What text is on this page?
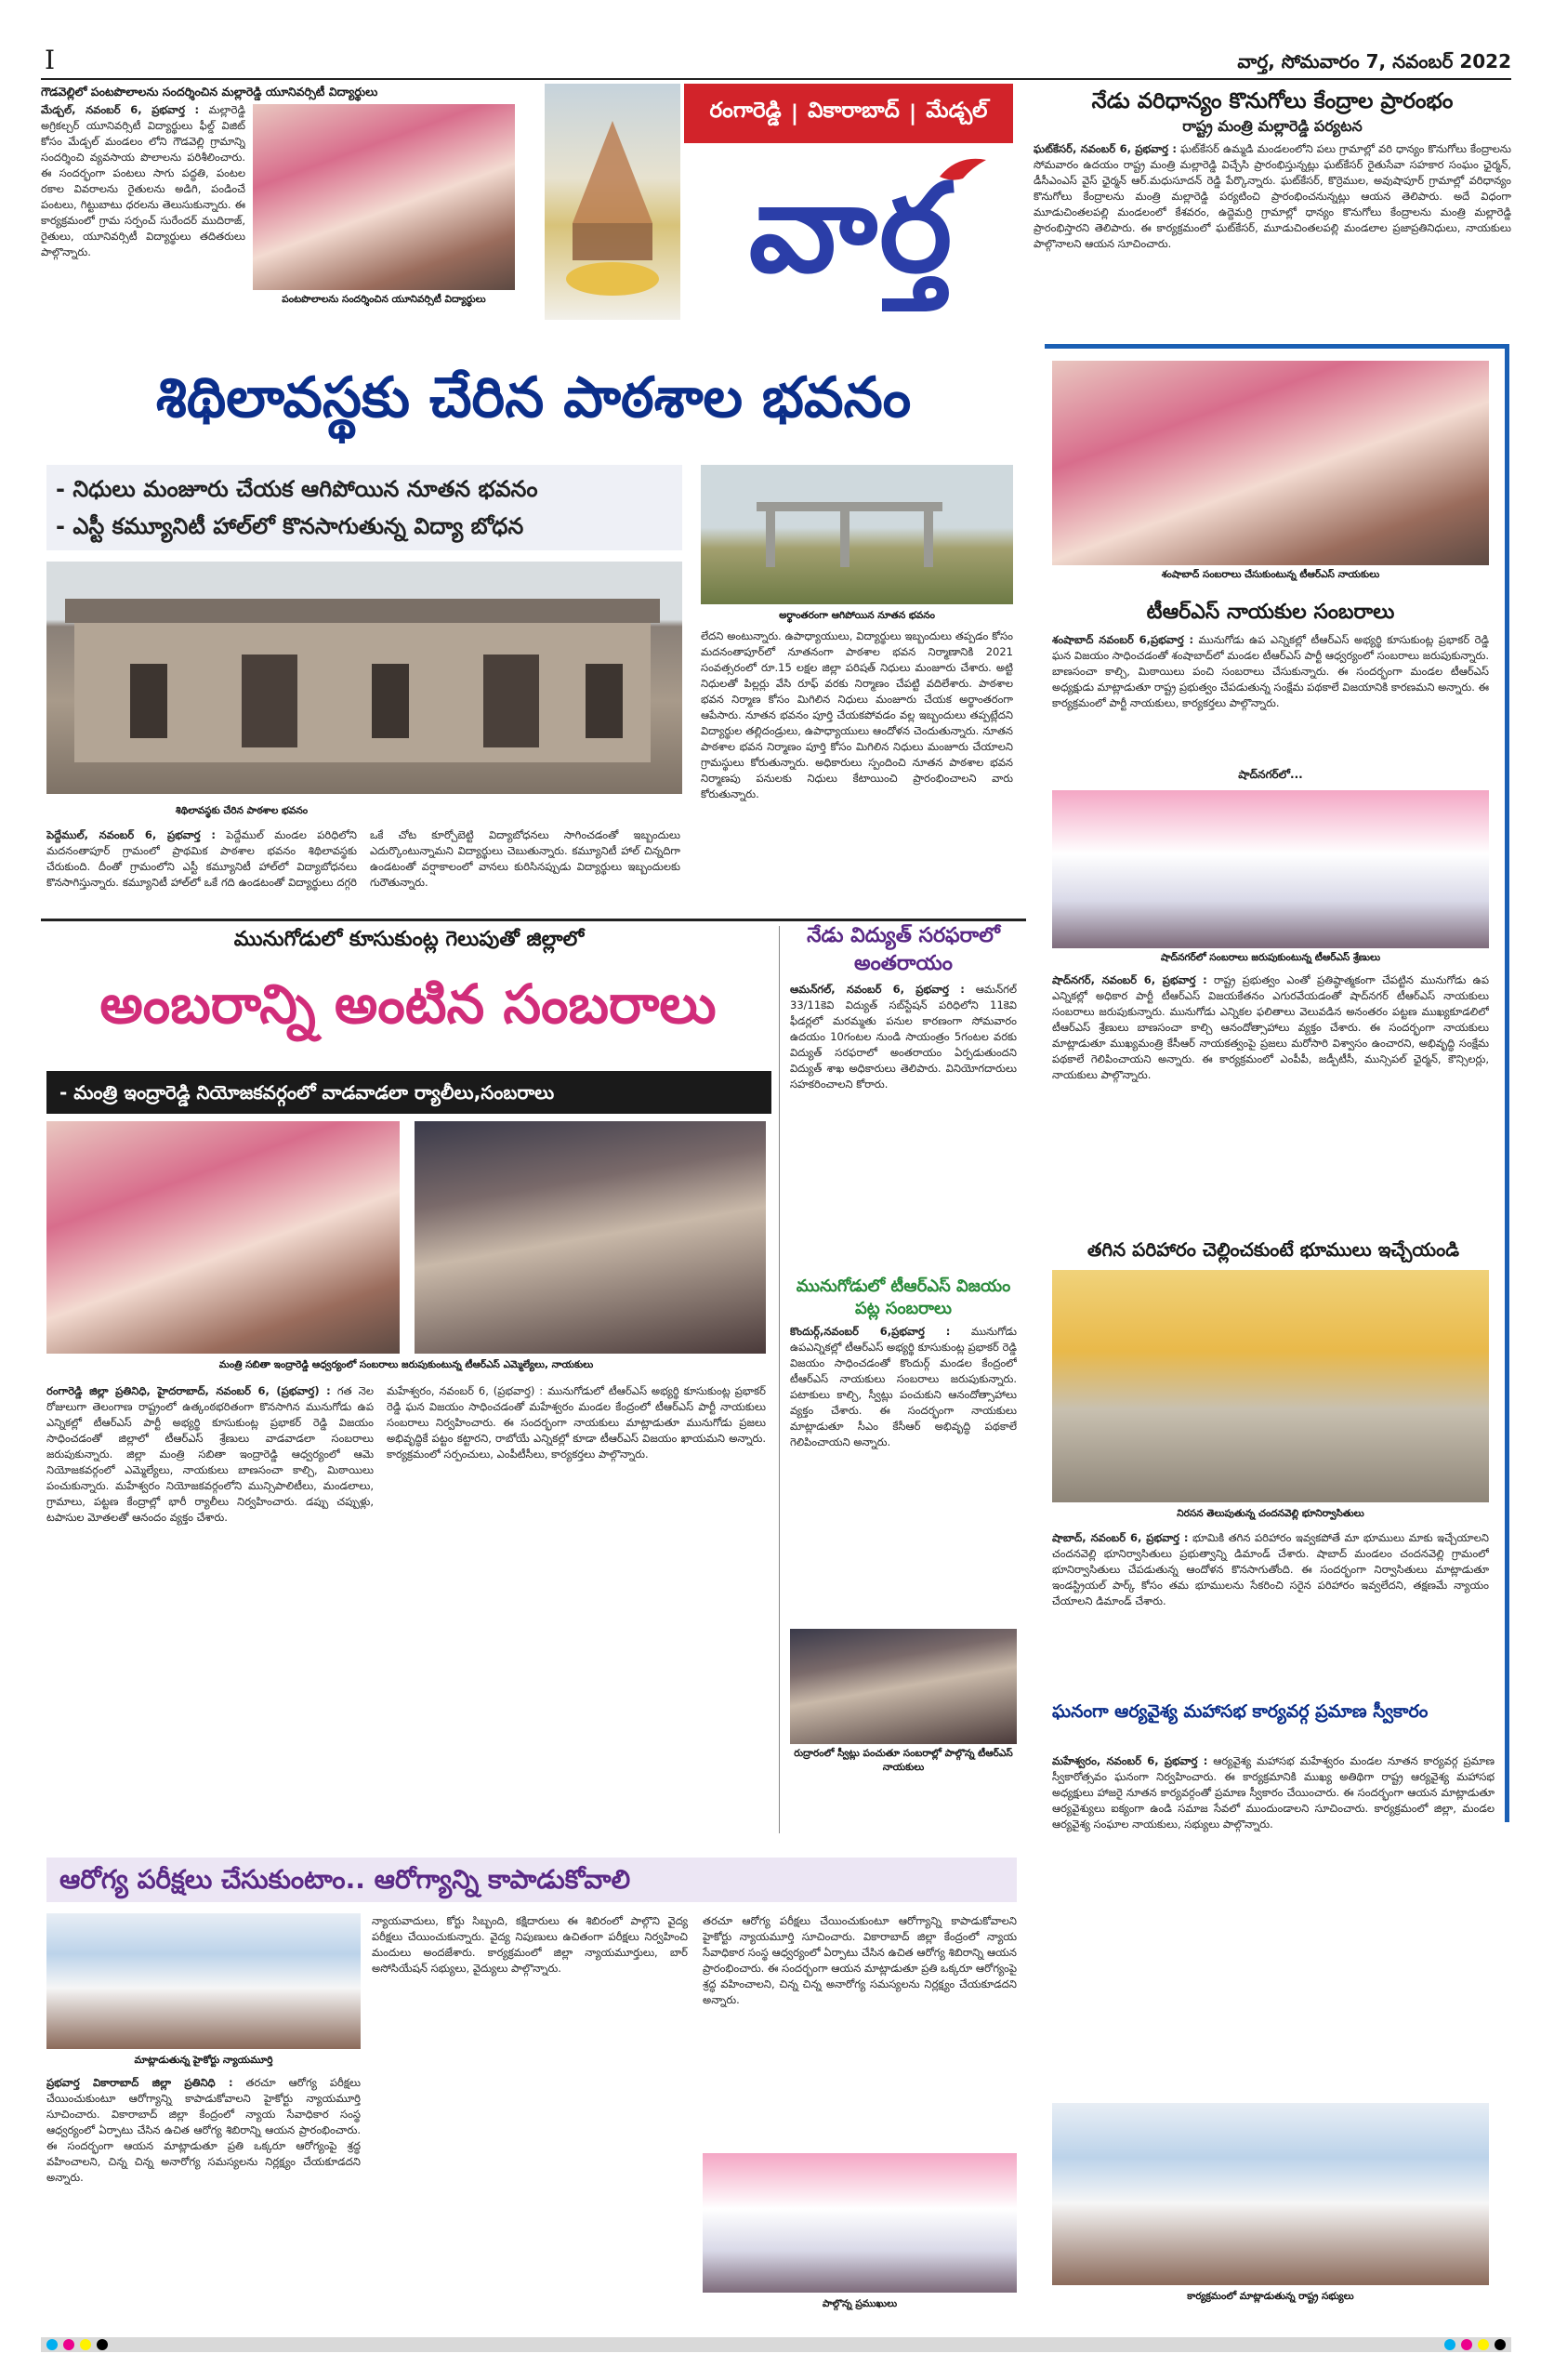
I	వార్త, సోమవారం 7, నవంబర్ 2022
గౌడవెల్లిలో పంటపొలాలను సందర్శించిన మల్లారెడ్డి యూనివర్సిటీ విద్యార్థులు
మేడ్చల్, నవంబర్ 6, ప్రభవార్త : మల్లారెడ్డి అగ్రికల్చర్ యూనివర్సిటీ విద్యార్థులు ఫీల్డ్ విజిట్ కోసం మేడ్చల్ మండలం లోని గౌడవెల్లి గ్రామాన్ని సందర్శించి వ్యవసాయ పొలాలను పరిశీలించారు. ఈ సందర్భంగా పంటలు సాగు పద్ధతి, పంటల రకాల వివరాలను రైతులను అడిగి, పండించే పంటలు, గిట్టుబాటు ధరలను తెలుసుకున్నారు. ఈ కార్యక్రమంలో గ్రామ సర్పంచ్ సురేందర్ ముదిరాజ్, రైతులు, యూనివర్సిటీ విద్యార్థులు తదితరులు పాల్గొన్నారు.
పంటపొలాలను సందర్శించిన యూనివర్సిటీ విద్యార్థులు
రంగారెడ్డి | వికారాబాద్ | మేడ్చల్
వార్త
నేడు వరిధాన్యం కొనుగోలు కేంద్రాల ప్రారంభం
రాష్ట్ర మంత్రి మల్లారెడ్డి పర్యటన
ఘట్‌కేసర్, నవంబర్ 6, ప్రభవార్త : ఘట్‌కేసర్ ఉమ్మడి మండలంలోని పలు గ్రామాల్లో వరి ధాన్యం కొనుగోలు కేంద్రాలను సోమవారం ఉదయం రాష్ట్ర మంత్రి మల్లారెడ్డి విచ్చేసి ప్రారంభిస్తున్నట్లు ఘట్‌కేసర్ రైతుసేవా సహకార సంఘం ఛైర్మన్, డీసీఎంఎస్ వైస్ ఛైర్మన్ ఆర్.మధుసూదన్ రెడ్డి పేర్కొన్నారు. ఘట్‌కేసర్, కొర్రెముల, అవుషాపూర్ గ్రామాల్లో వరిధాన్యం కొనుగోలు కేంద్రాలను మంత్రి మల్లారెడ్డి పర్యటించి ప్రారంభించనున్నట్లు ఆయన తెలిపారు. అదే విధంగా మూడుచింతలపల్లి మండలంలో కేశవరం, ఉద్దెమర్రి గ్రామాల్లో ధాన్యం కొనుగోలు కేంద్రాలను మంత్రి మల్లారెడ్డి ప్రారంభిస్తారని తెలిపారు. ఈ కార్యక్రమంలో ఘట్‌కేసర్, మూడుచింతలపల్లి మండలాల ప్రజాప్రతినిధులు, నాయకులు పాల్గొనాలని ఆయన సూచించారు.
శిథిలావస్థకు చేరిన పాఠశాల భవనం
- నిధులు మంజూరు చేయక ఆగిపోయిన నూతన భవనం
- ఎస్టీ కమ్యూనిటీ హాల్‌లో కొనసాగుతున్న విద్యా బోధన
అర్థాంతరంగా ఆగిపోయిన నూతన భవనం
శిథిలావస్థకు చేరిన పాఠశాల భవనం
పెద్దేముల్, నవంబర్ 6, ప్రభవార్త : పెద్దేముల్ మండల పరిధిలోని మదనంతాపూర్ గ్రామంలో ప్రాథమిక పాఠశాల భవనం శిథిలావస్థకు చేరుకుంది. దీంతో గ్రామంలోని ఎస్టీ కమ్యూనిటీ హాల్‌లో విద్యాబోధనలు కొనసాగిస్తున్నారు. కమ్యూనిటీ హాల్‌లో ఒకే గది ఉండటంతో విద్యార్థులు దగ్గరి ఒకే చోట కూర్చోబెట్టి విద్యాబోధనలు సాగించడంతో ఇబ్బందులు ఎదుర్కొంటున్నామని విద్యార్థులు చెబుతున్నారు. కమ్యూనిటీ హాల్ చిన్నదిగా ఉండటంతో వర్షాకాలంలో వానలు కురిసినప్పుడు విద్యార్థులు ఇబ్బందులకు గురౌతున్నారు.
లేదని అంటున్నారు. ఉపాధ్యాయులు, విద్యార్థులు ఇబ్బందులు తప్పడం కోసం మదనంతాపూర్‌లో నూతనంగా పాఠశాల భవన నిర్మాణానికి 2021 సంవత్సరంలో రూ.15 లక్షల జిల్లా పరిషత్ నిధులు మంజూరు చేశారు. అట్టి నిధులతో పిల్లర్లు వేసి రూఫ్ వరకు నిర్మాణం చేపట్టి వదిలేశారు. పాఠశాల భవన నిర్మాణ కోసం మిగిలిన నిధులు మంజూరు చేయక అర్థాంతరంగా ఆపేసారు. నూతన భవనం పూర్తి చేయకపోవడం వల్ల ఇబ్బందులు తప్పట్లేదని విద్యార్థుల తల్లిదండ్రులు, ఉపాధ్యాయులు ఆందోళన చెందుతున్నారు. నూతన పాఠశాల భవన నిర్మాణం పూర్తి కోసం మిగిలిన నిధులు మంజూరు చేయాలని గ్రామస్థులు కోరుతున్నారు. అధికారులు స్పందించి నూతన పాఠశాల భవన నిర్మాణపు పనులకు నిధులు కేటాయించి ప్రారంభించాలని వారు కోరుతున్నారు.
మునుగోడులో కూసుకుంట్ల గెలుపుతో జిల్లాలో
అంబరాన్ని అంటిన సంబరాలు
- మంత్రి ఇంద్రారెడ్డి నియోజకవర్గంలో వాడవాడలా ర్యాలీలు,సంబరాలు
మంత్రి సబితా ఇంద్రారెడ్డి ఆధ్వర్యంలో సంబరాలు జరుపుకుంటున్న టీఆర్ఎస్ ఎమ్మెల్యేలు, నాయకులు
రంగారెడ్డి జిల్లా ప్రతినిధి, హైదరాబాద్, నవంబర్ 6, (ప్రభవార్త) : గత నెల రోజులుగా తెలంగాణ రాష్ట్రంలో ఉత్కంఠభరితంగా కొనసాగిన మునుగోడు ఉప ఎన్నికల్లో టీఆర్ఎస్ పార్టీ అభ్యర్థి కూసుకుంట్ల ప్రభాకర్ రెడ్డి విజయం సాధించడంతో జిల్లాలో టీఆర్ఎస్ శ్రేణులు వాడవాడలా సంబరాలు జరుపుకున్నారు. జిల్లా మంత్రి సబితా ఇంద్రారెడ్డి ఆధ్వర్యంలో ఆమె నియోజకవర్గంలో ఎమ్మెల్యేలు, నాయకులు బాణసంచా కాల్చి, మిఠాయిలు పంచుకున్నారు. మహేశ్వరం నియోజకవర్గంలోని మున్సిపాలిటీలు, మండలాలు, గ్రామాలు, పట్టణ కేంద్రాల్లో భారీ ర్యాలీలు నిర్వహించారు. డప్పు చప్పుళ్లు, టపాసుల మోతలతో ఆనందం వ్యక్తం చేశారు.
మహేశ్వరం, నవంబర్ 6, (ప్రభవార్త) : మునుగోడులో టీఆర్ఎస్ అభ్యర్థి కూసుకుంట్ల ప్రభాకర్ రెడ్డి ఘన విజయం సాధించడంతో మహేశ్వరం మండల కేంద్రంలో టీఆర్ఎస్ పార్టీ నాయకులు సంబరాలు నిర్వహించారు. ఈ సందర్భంగా నాయకులు మాట్లాడుతూ మునుగోడు ప్రజలు అభివృద్ధికే పట్టం కట్టారని, రాబోయే ఎన్నికల్లో కూడా టీఆర్ఎస్ విజయం ఖాయమని అన్నారు. కార్యక్రమంలో సర్పంచులు, ఎంపీటీసీలు, కార్యకర్తలు పాల్గొన్నారు.
నేడు విద్యుత్ సరఫరాలో
అంతరాయం
ఆమన్‌గల్, నవంబర్ 6, ప్రభవార్త : ఆమన్‌గల్ 33/11కెవి విద్యుత్ సబ్‌స్టేషన్ పరిధిలోని 11కెవి ఫీడర్లలో మరమ్మతు పనుల కారణంగా సోమవారం ఉదయం 10గంటల నుండి సాయంత్రం 5గంటల వరకు విద్యుత్ సరఫరాలో అంతరాయం ఏర్పడుతుందని విద్యుత్ శాఖ అధికారులు తెలిపారు. వినియోగదారులు సహకరించాలని కోరారు.
మునుగోడులో టీఆర్ఎస్ విజయం పట్ల సంబరాలు
కొందుర్గ్,నవంబర్ 6,ప్రభవార్త : మునుగోడు ఉపఎన్నికల్లో టీఆర్ఎస్ అభ్యర్థి కూసుకుంట్ల ప్రభాకర్ రెడ్డి విజయం సాధించడంతో కొందుర్గ్ మండల కేంద్రంలో టీఆర్ఎస్ నాయకులు సంబరాలు జరుపుకున్నారు. పటాకులు కాల్చి, స్వీట్లు పంచుకుని ఆనందోత్సాహాలు వ్యక్తం చేశారు. ఈ సందర్భంగా నాయకులు మాట్లాడుతూ సీఎం కేసీఆర్ అభివృద్ధి పథకాలే గెలిపించాయని అన్నారు.
రుద్రారంలో స్వీట్లు పంచుతూ సంబరాల్లో పాల్గొన్న టీఆర్ఎస్ నాయకులు
ఆరోగ్య పరీక్షలు చేసుకుంటాం.. ఆరోగ్యాన్ని కాపాడుకోవాలి
మాట్లాడుతున్న హైకోర్టు న్యాయమూర్తి
ప్రభవార్త వికారాబాద్ జిల్లా ప్రతినిధి : తరచూ ఆరోగ్య పరీక్షలు చేయించుకుంటూ ఆరోగ్యాన్ని కాపాడుకోవాలని హైకోర్టు న్యాయమూర్తి సూచించారు. వికారాబాద్ జిల్లా కేంద్రంలో న్యాయ సేవాధికార సంస్థ ఆధ్వర్యంలో ఏర్పాటు చేసిన ఉచిత ఆరోగ్య శిబిరాన్ని ఆయన ప్రారంభించారు. ఈ సందర్భంగా ఆయన మాట్లాడుతూ ప్రతి ఒక్కరూ ఆరోగ్యంపై శ్రద్ధ వహించాలని, చిన్న చిన్న అనారోగ్య సమస్యలను నిర్లక్ష్యం చేయకూడదని అన్నారు.
న్యాయవాదులు, కోర్టు సిబ్బంది, కక్షిదారులు ఈ శిబిరంలో పాల్గొని వైద్య పరీక్షలు చేయించుకున్నారు. వైద్య నిపుణులు ఉచితంగా పరీక్షలు నిర్వహించి మందులు అందజేశారు. కార్యక్రమంలో జిల్లా న్యాయమూర్తులు, బార్ అసోసియేషన్ సభ్యులు, వైద్యులు పాల్గొన్నారు.
తరచూ ఆరోగ్య పరీక్షలు చేయించుకుంటూ ఆరోగ్యాన్ని కాపాడుకోవాలని హైకోర్టు న్యాయమూర్తి సూచించారు. వికారాబాద్ జిల్లా కేంద్రంలో న్యాయ సేవాధికార సంస్థ ఆధ్వర్యంలో ఏర్పాటు చేసిన ఉచిత ఆరోగ్య శిబిరాన్ని ఆయన ప్రారంభించారు. ఈ సందర్భంగా ఆయన మాట్లాడుతూ ప్రతి ఒక్కరూ ఆరోగ్యంపై శ్రద్ధ వహించాలని, చిన్న చిన్న అనారోగ్య సమస్యలను నిర్లక్ష్యం చేయకూడదని అన్నారు.
పాల్గొన్న ప్రముఖులు
శంషాబాద్ సంబరాలు చేసుకుంటున్న టీఆర్ఎస్ నాయకులు
టీఆర్ఎస్ నాయకుల సంబరాలు
శంషాబాద్ నవంబర్ 6,ప్రభవార్త : మునుగోడు ఉప ఎన్నికల్లో టీఆర్ఎస్ అభ్యర్థి కూసుకుంట్ల ప్రభాకర్ రెడ్డి ఘన విజయం సాధించడంతో శంషాబాద్‌లో మండల టీఆర్ఎస్ పార్టీ ఆధ్వర్యంలో సంబరాలు జరుపుకున్నారు. బాణసంచా కాల్చి, మిఠాయిలు పంచి సంబరాలు చేసుకున్నారు. ఈ సందర్భంగా మండల టీఆర్ఎస్ అధ్యక్షుడు మాట్లాడుతూ రాష్ట్ర ప్రభుత్వం చేపడుతున్న సంక్షేమ పథకాలే విజయానికి కారణమని అన్నారు. ఈ కార్యక్రమంలో పార్టీ నాయకులు, కార్యకర్తలు పాల్గొన్నారు.
షాద్‌నగర్‌లో...
షాద్‌నగర్‌లో సంబరాలు జరుపుకుంటున్న టీఆర్ఎస్ శ్రేణులు
షాద్‌నగర్, నవంబర్ 6, ప్రభవార్త : రాష్ట్ర ప్రభుత్వం ఎంతో ప్రతిష్ఠాత్మకంగా చేపట్టిన మునుగోడు ఉప ఎన్నికల్లో అధికార పార్టీ టీఆర్ఎస్ విజయకేతనం ఎగురవేయడంతో షాద్‌నగర్ టీఆర్ఎస్ నాయకులు సంబరాలు జరుపుకున్నారు. మునుగోడు ఎన్నికల ఫలితాలు వెలువడిన అనంతరం పట్టణ ముఖ్యకూడలిలో టీఆర్ఎస్ శ్రేణులు బాణసంచా కాల్చి ఆనందోత్సాహాలు వ్యక్తం చేశారు. ఈ సందర్భంగా నాయకులు మాట్లాడుతూ ముఖ్యమంత్రి కేసీఆర్ నాయకత్వంపై ప్రజలు మరోసారి విశ్వాసం ఉంచారని, అభివృద్ధి సంక్షేమ పథకాలే గెలిపించాయని అన్నారు. ఈ కార్యక్రమంలో ఎంపీపీ, జడ్పీటీసీ, మున్సిపల్ ఛైర్మన్, కౌన్సిలర్లు, నాయకులు పాల్గొన్నారు.
తగిన పరిహారం చెల్లించకుంటే భూములు ఇచ్చేయండి
నిరసన తెలుపుతున్న చందనవెల్లి భూనిర్వాసితులు
షాబాద్, నవంబర్ 6, ప్రభవార్త : భూమికి తగిన పరిహారం ఇవ్వకపోతే మా భూములు మాకు ఇచ్చేయాలని చందనవెల్లి భూనిర్వాసితులు ప్రభుత్వాన్ని డిమాండ్ చేశారు. షాబాద్ మండలం చందనవెల్లి గ్రామంలో భూనిర్వాసితులు చేపడుతున్న ఆందోళన కొనసాగుతోంది. ఈ సందర్భంగా నిర్వాసితులు మాట్లాడుతూ ఇండస్ట్రియల్ పార్క్ కోసం తమ భూములను సేకరించి సరైన పరిహారం ఇవ్వలేదని, తక్షణమే న్యాయం చేయాలని డిమాండ్ చేశారు.
ఘనంగా ఆర్యవైశ్య మహాసభ కార్యవర్గ ప్రమాణ స్వీకారం
మహేశ్వరం, నవంబర్ 6, ప్రభవార్త : ఆర్యవైశ్య మహాసభ మహేశ్వరం మండల నూతన కార్యవర్గ ప్రమాణ స్వీకారోత్సవం ఘనంగా నిర్వహించారు. ఈ కార్యక్రమానికి ముఖ్య అతిథిగా రాష్ట్ర ఆర్యవైశ్య మహాసభ అధ్యక్షులు హాజరై నూతన కార్యవర్గంతో ప్రమాణ స్వీకారం చేయించారు. ఈ సందర్భంగా ఆయన మాట్లాడుతూ ఆర్యవైశ్యులు ఐక్యంగా ఉండి సమాజ సేవలో ముందుండాలని సూచించారు. కార్యక్రమంలో జిల్లా, మండల ఆర్యవైశ్య సంఘాల నాయకులు, సభ్యులు పాల్గొన్నారు.
కార్యక్రమంలో మాట్లాడుతున్న రాష్ట్ర సభ్యులు
